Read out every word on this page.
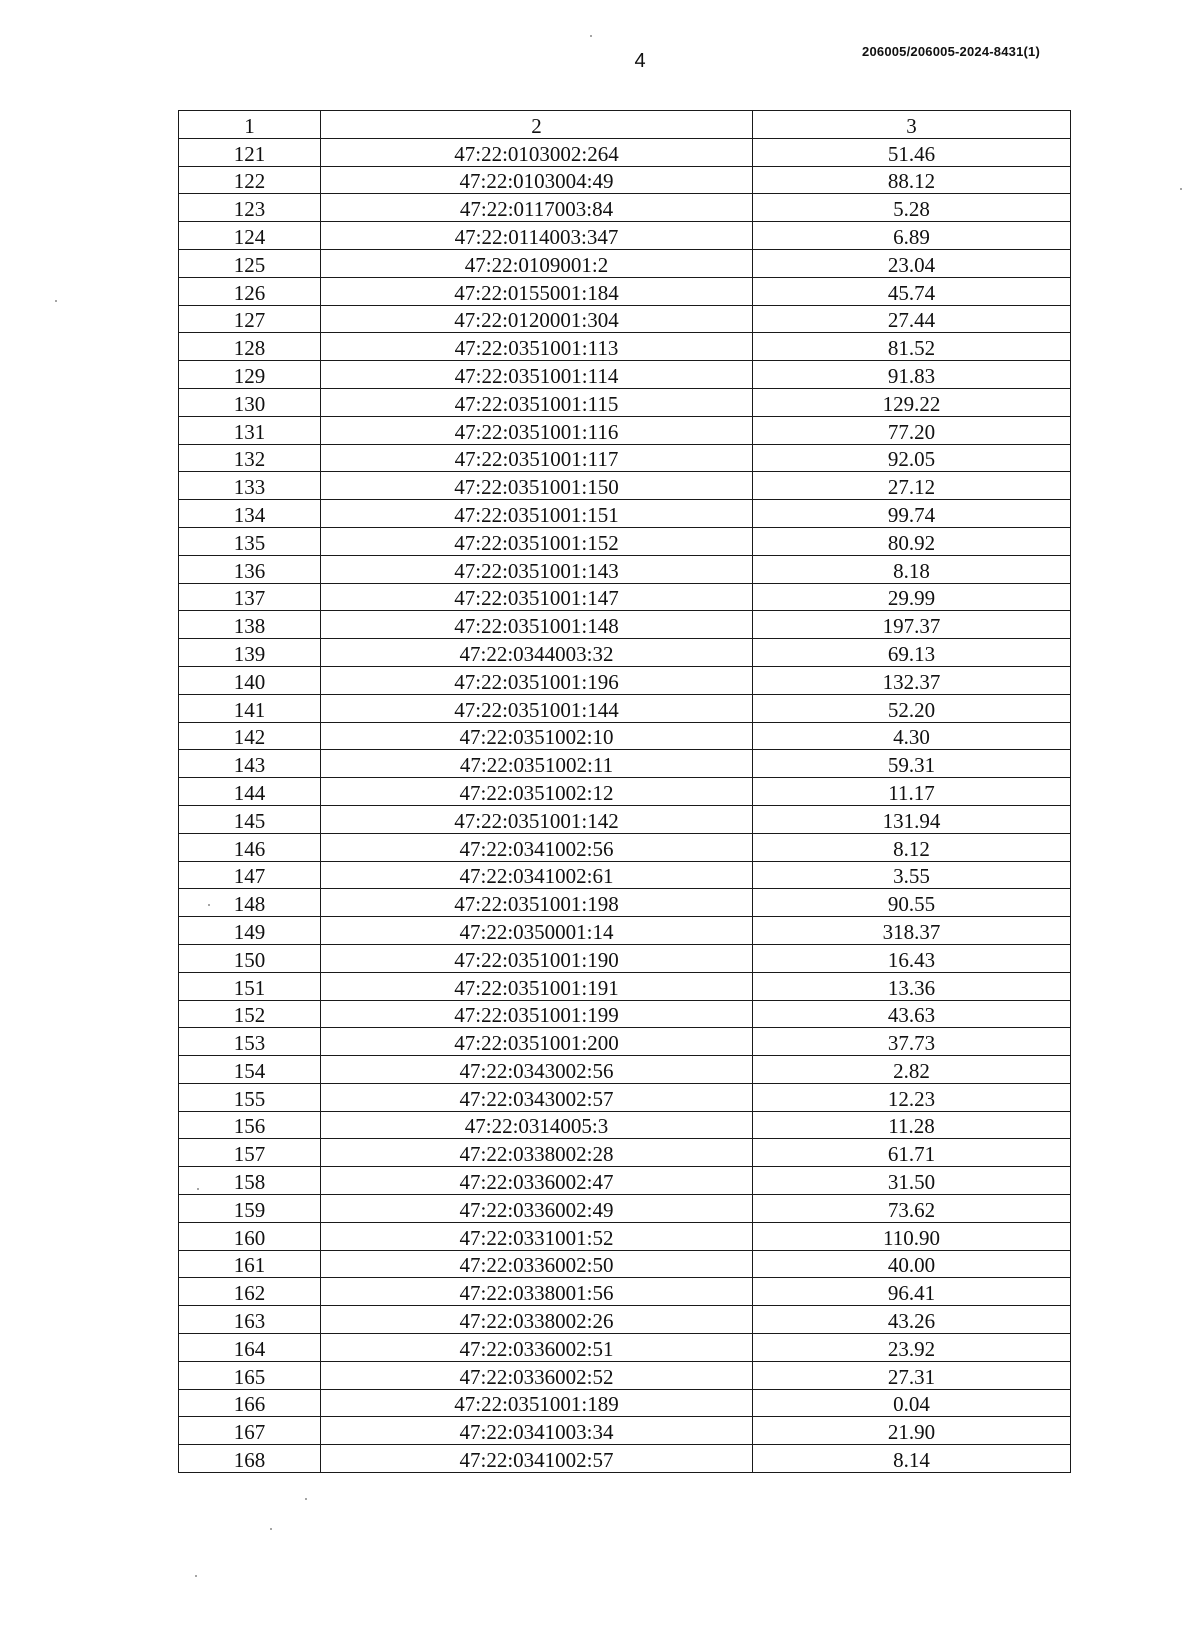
4	206005/206005-2024-8431(1)
1	2	3
121	47:22:0103002:264	51.46
122	47:22:0103004:49	88.12
123	47:22:0117003:84	5.28
124	47:22:0114003:347	6.89
125	47:22:0109001:2	23.04
126	47:22:0155001:184	45.74
127	47:22:0120001:304	27.44
128	47:22:0351001:113	81.52
129	47:22:0351001:114	91.83
130	47:22:0351001:115	129.22
131	47:22:0351001:116	77.20
132	47:22:0351001:117	92.05
133	47:22:0351001:150	27.12
134	47:22:0351001:151	99.74
135	47:22:0351001:152	80.92
136	47:22:0351001:143	8.18
137	47:22:0351001:147	29.99
138	47:22:0351001:148	197.37
139	47:22:0344003:32	69.13
140	47:22:0351001:196	132.37
141	47:22:0351001:144	52.20
142	47:22:0351002:10	4.30
143	47:22:0351002:11	59.31
144	47:22:0351002:12	11.17
145	47:22:0351001:142	131.94
146	47:22:0341002:56	8.12
147	47:22:0341002:61	3.55
148	47:22:0351001:198	90.55
149	47:22:0350001:14	318.37
150	47:22:0351001:190	16.43
151	47:22:0351001:191	13.36
152	47:22:0351001:199	43.63
153	47:22:0351001:200	37.73
154	47:22:0343002:56	2.82
155	47:22:0343002:57	12.23
156	47:22:0314005:3	11.28
157	47:22:0338002:28	61.71
158	47:22:0336002:47	31.50
159	47:22:0336002:49	73.62
160	47:22:0331001:52	110.90
161	47:22:0336002:50	40.00
162	47:22:0338001:56	96.41
163	47:22:0338002:26	43.26
164	47:22:0336002:51	23.92
165	47:22:0336002:52	27.31
166	47:22:0351001:189	0.04
167	47:22:0341003:34	21.90
168	47:22:0341002:57	8.14
